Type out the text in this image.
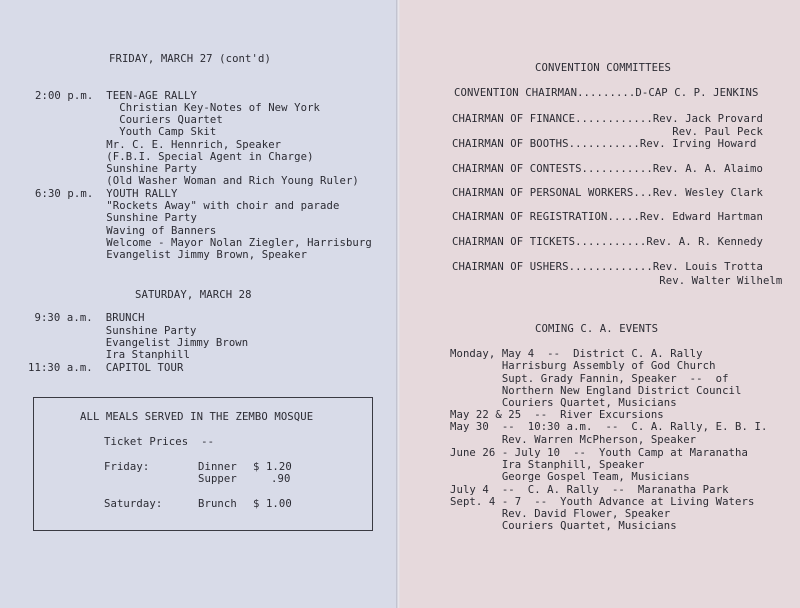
FRIDAY, MARCH 27 (cont'd)
2:00 p.m.  TEEN-AGE RALLY
Christian Key-Notes of New York
Couriers Quartet
Youth Camp Skit
Mr. C. E. Hennrich, Speaker
(F.B.I. Special Agent in Charge)
Sunshine Party
(Old Washer Woman and Rich Young Ruler)
6:30 p.m.  YOUTH RALLY
"Rockets Away" with choir and parade
Sunshine Party
Waving of Banners
Welcome - Mayor Nolan Ziegler, Harrisburg
Evangelist Jimmy Brown, Speaker
SATURDAY, MARCH 28
9:30 a.m.  BRUNCH
Sunshine Party
Evangelist Jimmy Brown
Ira Stanphill
11:30 a.m.  CAPITOL TOUR
ALL MEALS SERVED IN THE ZEMBO MOSQUE
Ticket Prices  --
Friday:	Dinner $ 1.20
Supper	.90
Saturday:	Brunch $ 1.00
CONVENTION COMMITTEES
CONVENTION CHAIRMAN.........D-CAP C. P. JENKINS
CHAIRMAN OF FINANCE............Rev. Jack Provard
Rev. Paul Peck
CHAIRMAN OF BOOTHS...........Rev. Irving Howard
CHAIRMAN OF CONTESTS...........Rev. A. A. Alaimo
CHAIRMAN OF PERSONAL WORKERS...Rev. Wesley Clark
CHAIRMAN OF REGISTRATION.....Rev. Edward Hartman
CHAIRMAN OF TICKETS...........Rev. A. R. Kennedy
CHAIRMAN OF USHERS.............Rev. Louis Trotta
Rev. Walter Wilhelm
COMING C. A. EVENTS
Monday, May 4  --  District C. A. Rally
Harrisburg Assembly of God Church
Supt. Grady Fannin, Speaker  --  of
Northern New England District Council
Couriers Quartet, Musicians
May 22 & 25  --  River Excursions
May 30  --  10:30 a.m.  --  C. A. Rally, E. B. I.
Rev. Warren McPherson, Speaker
June 26 - July 10  --  Youth Camp at Maranatha
Ira Stanphill, Speaker
George Gospel Team, Musicians
July 4  --  C. A. Rally  --  Maranatha Park
Sept. 4 - 7  --  Youth Advance at Living Waters
Rev. David Flower, Speaker
Couriers Quartet, Musicians
